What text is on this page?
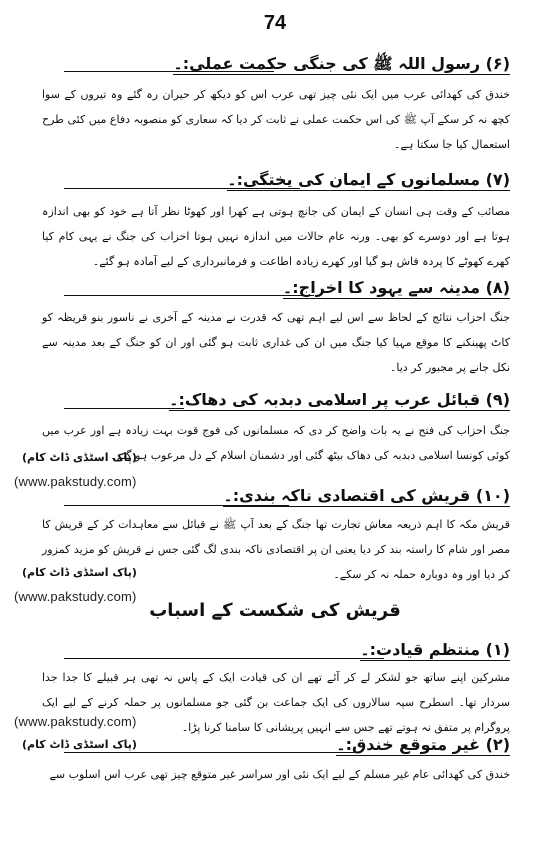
74
(۶) رسول اللہ ﷺ کی جنگی حکمت عملی:۔
خندق کی کھدائی عرب میں ایک نئی چیز تھی عرب اس کو دیکھ کر حیران رہ گئے وہ تیروں کے سوا کچھ نہ کر سکے آپ ﷺ کی اس حکمت عملی نے ثابت کر دیا کہ سعاری کو منصوبہ دفاع میں کئی طرح استعمال کیا جا سکتا ہے۔
(۷) مسلمانوں کے ایمان کی پختگی:۔
مصائب کے وقت ہی انسان کے ایمان کی جانچ ہوتی ہے کھرا اور کھوٹا نظر آتا ہے خود کو بھی اندازہ ہوتا ہے اور دوسرے کو بھی۔ ورنہ عام حالات میں اندازہ نہیں ہوتا احزاب کی جنگ نے یہی کام کیا کھرے کھوٹے کا پردہ فاش ہو گیا اور کھرے زیادہ اطاعت و فرمانبرداری کے لیے آمادہ ہو گئے۔
(۸) مدینہ سے یہود کا اخراج:۔
جنگ احزاب نتائج کے لحاظ سے اس لیے اہم تھی کہ قدرت نے مدینہ کے آخری نے ناسور بنو قریظہ کو کاٹ پھینکنے کا موقع مہیا کیا جنگ میں ان کی غداری ثابت ہو گئی اور ان کو جنگ کے بعد مدینہ سے نکل جانے پر مجبور کر دیا۔
(۹) قبائل عرب پر اسلامی دبدبہ کی دھاک:۔
جنگ احزاب کی فتح نے یہ بات واضح کر دی کہ مسلمانوں کی فوج قوت بہت زیادہ ہے اور عرب میں کوئی کونسا اسلامی دبدبہ کی دھاک بیٹھ گئی اور دشمنان اسلام کے دل مرعوب ہو گئے۔
(۱۰) قریش کی اقتصادی ناکہ بندی:۔
قریش مکہ کا اہم ذریعہ معاش تجارت تھا جنگ کے بعد آپ ﷺ نے قبائل سے معاہدات کر کے قریش کا مصر اور شام کا راستہ بند کر دیا یعنی ان پر اقتصادی ناکہ بندی لگ گئی جس نے قریش کو مزید کمزور کر دیا اور وہ دوبارہ حملہ نہ کر سکے۔
قریش کی شکست کے اسباب
(۱) منتظم قیادت:۔
مشرکین اپنے ساتھ جو لشکر لے کر آئے تھے ان کی قیادت ایک کے پاس نہ تھی ہر قبیلے کا جدا جدا سردار تھا۔ اسطرح سپہ سالاروں کی ایک جماعت بن گئی جو مسلمانوں پر حملہ کرنے کے لیے ایک پروگرام پر متفق نہ ہوتے تھے جس سے انہیں پریشانی کا سامنا کرنا پڑا۔
(۲) غیر متوقع خندق:۔
خندق کی کھدائی عام غیر مسلم کے لیے ایک نئی اور سراسر غیر متوقع چیز تھی عرب اس اسلوب سے
(پاک اسٹڈی ڈاٹ کام)
(www.pakstudy.com)
(پاک اسٹڈی ڈاٹ کام)
(www.pakstudy.com)
(www.pakstudy.com)
(پاک اسٹڈی ڈاٹ کام)
